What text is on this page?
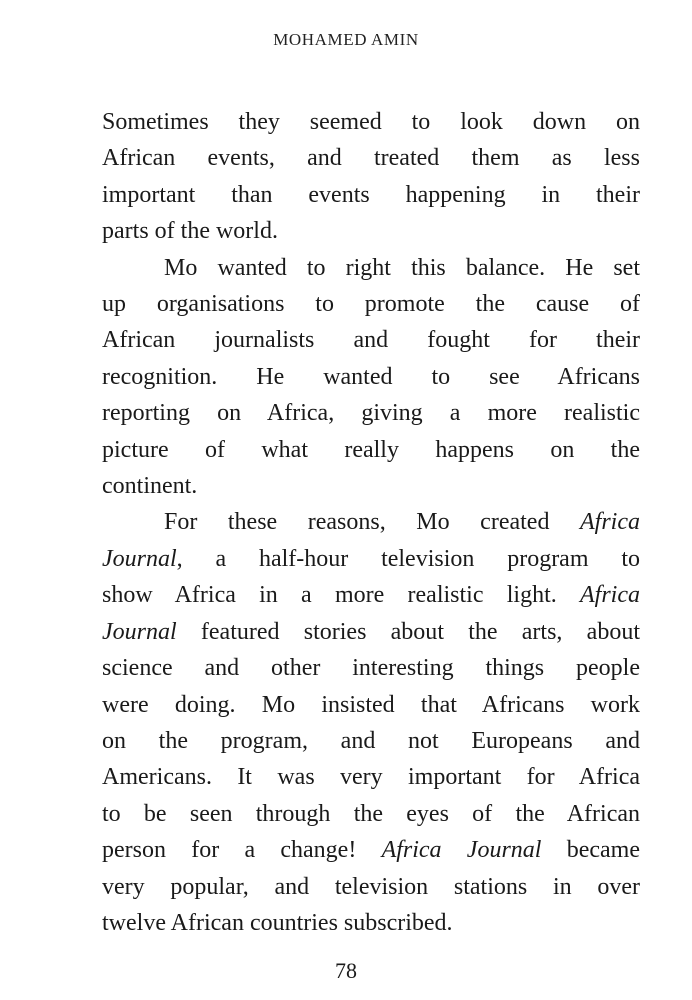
MOHAMED AMIN

Sometimes they seemed to look down on
African events, and treated them as less
important than events happening in their
parts of the world.

Mo wanted to right this balance. He set
up organisations to promote the cause of
African journalists and fought for their
recognition. He wanted to see Africans
reporting on Africa, giving a more realistic
picture of what really happens on the
continent.

For these reasons, Mo created Africa
Journal, a half-hour television program to
show Africa in a more realistic light. Africa
Journal featured stories about the arts, about
science and other interesting things people
were doing. Mo insisted that Africans work
on the program, and not Europeans and
Americans. It was very important for Africa
to be seen through the eyes of the African
person for a change! Africa Journal became
very popular, and television stations in over
twelve African countries subscribed.

78
